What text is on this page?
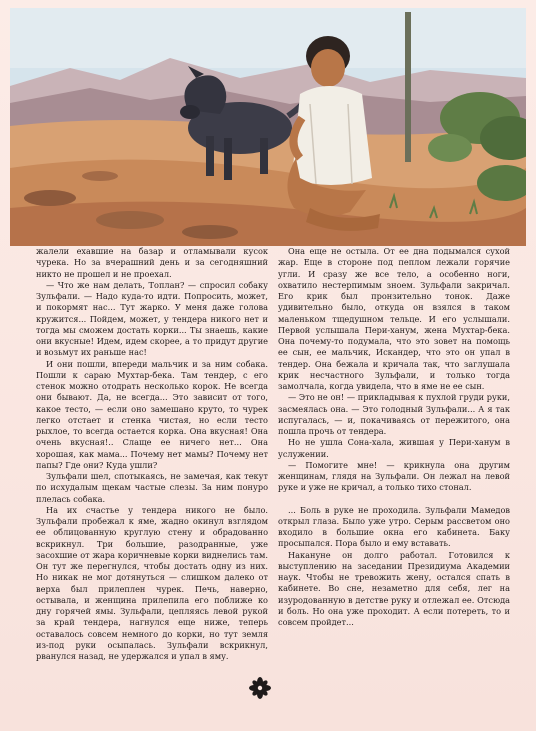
жалели ехавшие на базар и отламывали кусок чурека. Но за вчерашний день и за сегодняшний никто не прошел и не проехал.

— Что же нам делать, Топлан? — спросил собаку Зульфали. — Надо куда-то идти. Попросить, может, и покормят нас... Тут жарко. У меня даже голова кружится... Пойдем, может, у тендера никого нет и тогда мы сможем достать корки... Ты знаешь, какие они вкусные! Идем, идем скорее, а то придут другие и возьмут их раньше нас!

И они пошли, впереди мальчик и за ним собака. Пошли к сараю Мухтар-бека. Там тендер, с его стенок можно отодрать несколько корок. Не всегда они бывают. Да, не всегда... Это зависит от того, какое тесто, — если оно замешано круто, то чурек легко отстает и стенка чистая, но если тесто рыхлое, то всегда остается корка. Она вкусная! Она очень вкусная!.. Слаще ее ничего нет... Она хорошая, как мама... Почему нет мамы? Почему нет папы? Где они? Куда ушли?

Зульфали шел, спотыкаясь, не замечая, как текут по исхудалым щекам частые слезы. За ним понуро плелась собака.

На их счастье у тендера никого не было. Зульфали пробежал к яме, жадно окинул взглядом ее облицованную круглую стену и обрадованно вскрикнул. Три большие, разодранные, уже засохшие от жара коричневые корки виднелись там. Он тут же перегнулся, чтобы достать одну из них. Но никак не мог дотянуться — слишком далеко от верха был прилеплен чурек. Печь, наверно, остывала, и женщина прилепила его поближе ко дну горячей ямы. Зульфали, цепляясь левой рукой за край тендера, нагнулся еще ниже, теперь оставалось совсем немного до корки, но тут земля из-под руки осыпалась. Зульфали вскрикнул, рванулся назад, не удержался и упал в яму.

Она еще не остыла. От ее дна подымался сухой жар. Еще в стороне под пеплом лежали горячие угли. И сразу же все тело, а особенно ноги, охватило нестерпимым зноем. Зульфали закричал. Его крик был пронзительно тонок. Даже удивительно было, откуда он взялся в таком маленьком тщедушном тельце. И его услышали. Первой услышала Пери-ханум, жена Мухтар-бека. Она почему-то подумала, что это зовет на помощь ее сын, ее мальчик, Искандер, что это он упал в тендер. Она бежала и кричала так, что заглушала крик несчастного Зульфали, и только тогда замолчала, когда увидела, что в яме не ее сын.

— Это не он! — прикладывая к пухлой груди руки, засмеялась она. — Это голодный Зульфали... А я так испугалась, — и, покачиваясь от пережитого, она пошла прочь от тендера.

Но не ушла Сона-хала, жившая у Пери-ханум в услужении.

— Помогите мне! — крикнула она другим женщинам, глядя на Зульфали. Он лежал на левой руке и уже не кричал, а только тихо стонал.

... Боль в руке не проходила. Зульфали Мамедов открыл глаза. Было уже утро. Серым рассветом оно входило в большие окна его кабинета. Баку просыпался. Пора было и ему вставать.

Накануне он долго работал. Готовился к выступлению на заседании Президиума Академии наук. Чтобы не тревожить жену, остался спать в кабинете. Во сне, незаметно для себя, лег на изуродованную в детстве руку и отлежал ее. Отсюда и боль. Но она уже проходит. А если потереть, то и совсем пройдет...
